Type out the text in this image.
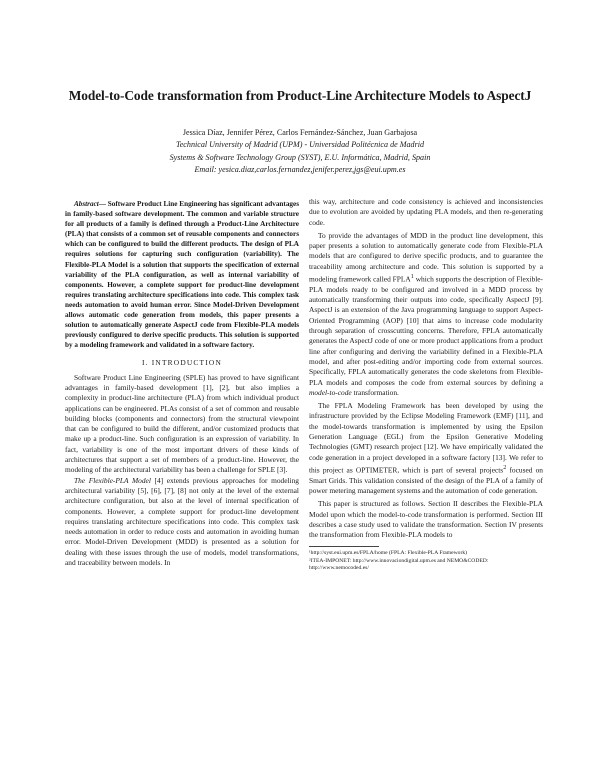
Model-to-Code transformation from Product-Line Architecture Models to AspectJ
Jessica Díaz, Jennifer Pérez, Carlos Fernández-Sánchez, Juan Garbajosa
Technical University of Madrid (UPM) - Universidad Politécnica de Madrid
Systems & Software Technology Group (SYST), E.U. Informática, Madrid, Spain
Email: yesica.diaz,carlos.fernandez,jenifer.perez,jgs@eui.upm.es

Abstract— Software Product Line Engineering has significant advantages in family-based software development. The common and variable structure for all products of a family is defined through a Product-Line Architecture (PLA) that consists of a common set of reusable components and connectors which can be configured to build the different products. The design of PLA requires solutions for capturing such configuration (variability). The Flexible-PLA Model is a solution that supports the specification of external variability of the PLA configuration, as well as internal variability of components. However, a complete support for product-line development requires translating architecture specifications into code. This complex task needs automation to avoid human error. Since Model-Driven Development allows automatic code generation from models, this paper presents a solution to automatically generate AspectJ code from Flexible-PLA models previously configured to derive specific products. This solution is supported by a modeling framework and validated in a software factory.

I. INTRODUCTION

Software Product Line Engineering (SPLE) has proved to have significant advantages in family-based development [1], [2], but also implies a complexity in product-line architecture (PLA) from which individual product applications can be engineered. PLAs consist of a set of common and reusable building blocks (components and connectors) from the structural viewpoint that can be configured to build the different, and/or customized products that make up a product-line. Such configuration is an expression of variability. In fact, variability is one of the most important drivers of these kinds of architectures that support a set of members of a product-line. However, the modeling of the architectural variability has been a challenge for SPLE [3].

The Flexible-PLA Model [4] extends previous approaches for modeling architectural variability [5], [6], [7], [8] not only at the level of the external architecture configuration, but also at the level of internal specification of components. However, a complete support for product-line development requires translating architecture specifications into code. This complex task needs automation in order to reduce costs and automation in avoiding human error. Model-Driven Development (MDD) is presented as a solution for dealing with these issues through the use of models, model transformations, and traceability between models. In

this way, architecture and code consistency is achieved and inconsistencies due to evolution are avoided by updating PLA models, and then re-generating code.

To provide the advantages of MDD in the product line development, this paper presents a solution to automatically generate code from Flexible-PLA models that are configured to derive specific products, and to guarantee the traceability among architecture and code. This solution is supported by a modeling framework called FPLA$^1$ which supports the description of Flexible-PLA models ready to be configured and involved in a MDD process by automatically transforming their outputs into code, specifically AspectJ [9]. AspectJ is an extension of the Java programming language to support Aspect-Oriented Programming (AOP) [10] that aims to increase code modularity through separation of crosscutting concerns. Therefore, FPLA automatically generates the AspectJ code of one or more product applications from a product line after configuring and deriving the variability defined in a Flexible-PLA model, and after post-editing and/or importing code from external sources. Specifically, FPLA automatically generates the code skeletons from Flexible-PLA models and composes the code from external sources by defining a model-to-code transformation.

The FPLA Modeling Framework has been developed by using the infrastructure provided by the Eclipse Modeling Framework (EMF) [11], and the model-towards transformation is implemented by using the Epsilon Generation Language (EGL) from the Epsilon Generative Modeling Technologies (GMT) research project [12]. We have empirically validated the code generation in a project developed in a software factory [13]. We refer to this project as OPTIMETER, which is part of several projects$^2$ focused on Smart Grids. This validation consisted of the design of the PLA of a family of power metering management systems and the automation of code generation.

This paper is structured as follows. Section II describes the Flexible-PLA Model upon which the model-to-code transformation is performed. Section III describes a case study used to validate the transformation. Section IV presents the transformation from Flexible-PLA models to

¹http://syst.eui.upm.es/FPLA/home (FPLA: Flexible-PLA Framework)

²ITEA-IMPONET: http://www.innovaciondigital.upm.es and NEMO&CODED: http://www.nemocoded.es/
